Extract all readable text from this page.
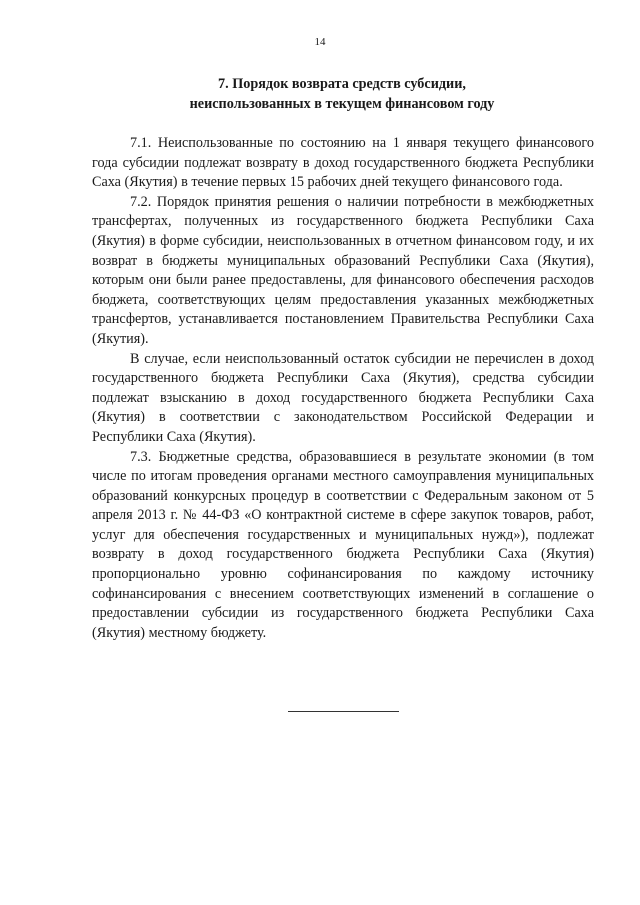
14
7. Порядок возврата средств субсидии,
неиспользованных в текущем финансовом году

7.1. Неиспользованные по состоянию на 1 января текущего финансового года субсидии подлежат возврату в доход государственного бюджета Республики Саха (Якутия) в течение первых 15 рабочих дней текущего финансового года.

7.2. Порядок принятия решения о наличии потребности в межбюджетных трансфертах, полученных из государственного бюджета Республики Саха (Якутия) в форме субсидии, неиспользованных в отчетном финансовом году, и их возврат в бюджеты муниципальных образований Республики Саха (Якутия), которым они были ранее предоставлены, для финансового обеспечения расходов бюджета, соответствующих целям предоставления указанных межбюджетных трансфертов, устанавливается постановлением Правительства Республики Саха (Якутия).

В случае, если неиспользованный остаток субсидии не перечислен в доход государственного бюджета Республики Саха (Якутия), средства субсидии подлежат взысканию в доход государственного бюджета Республики Саха (Якутия) в соответствии с законодательством Российской Федерации и Республики Саха (Якутия).

7.3. Бюджетные средства, образовавшиеся в результате экономии (в том числе по итогам проведения органами местного самоуправления муниципальных образований конкурсных процедур в соответствии с Федеральным законом от 5 апреля 2013 г. № 44-ФЗ «О контрактной системе в сфере закупок товаров, работ, услуг для обеспечения государственных и муниципальных нужд»), подлежат возврату в доход государственного бюджета Республики Саха (Якутия) пропорционально уровню софинансирования по каждому источнику софинансирования с внесением соответствующих изменений в соглашение о предоставлении субсидии из государственного бюджета Республики Саха (Якутия) местному бюджету.
